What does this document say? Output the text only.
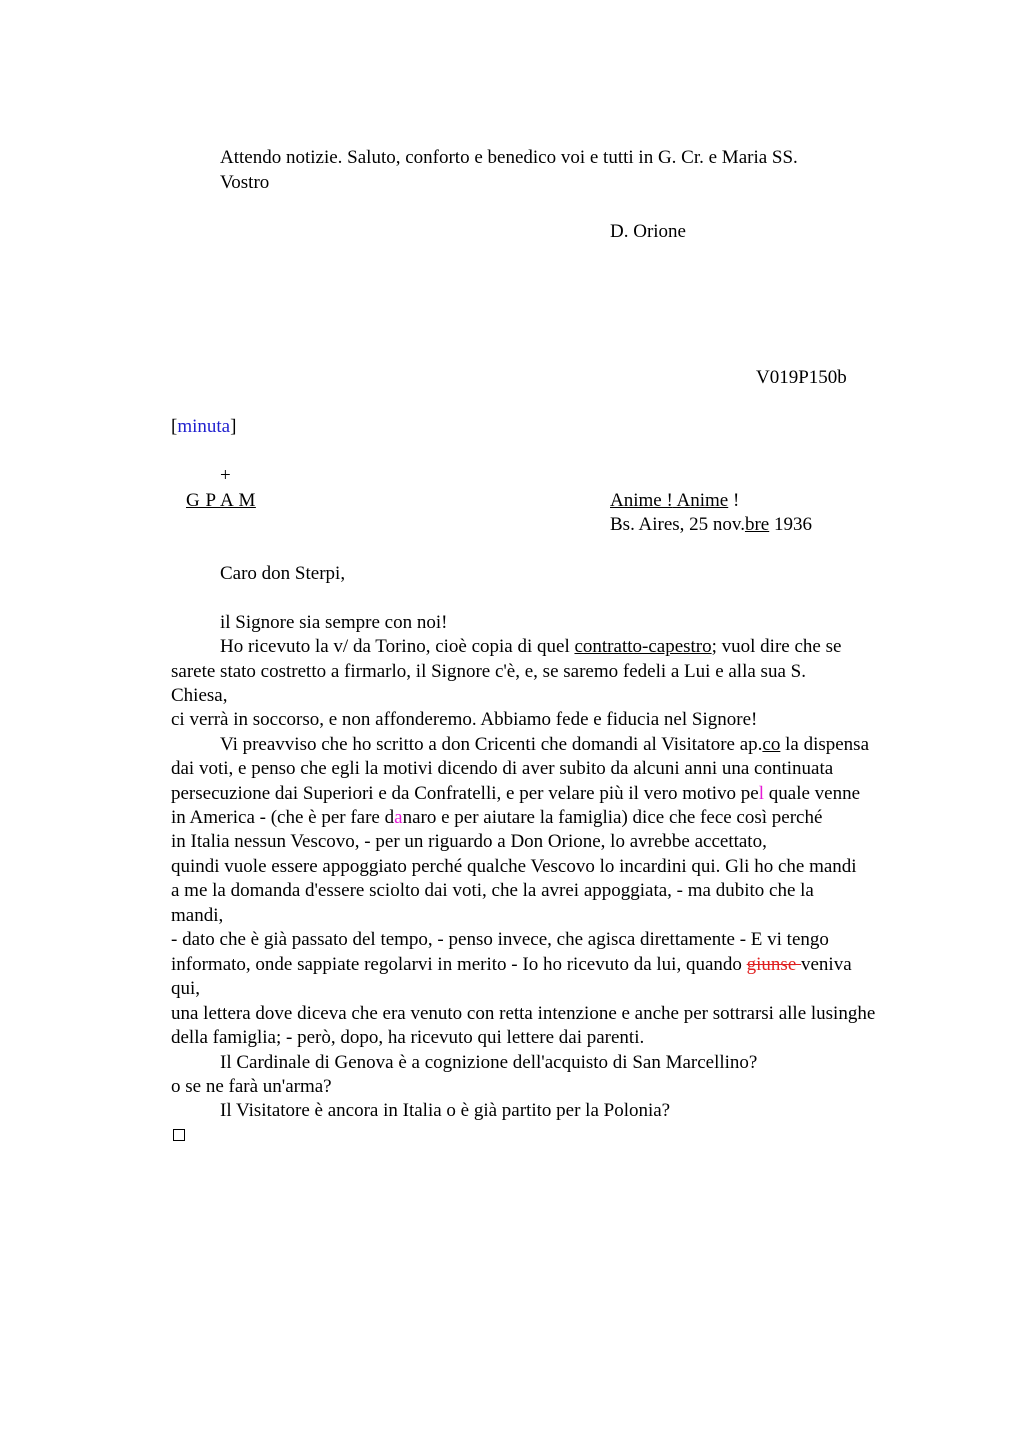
Attendo notizie. Saluto, conforto e benedico voi e tutti in G. Cr. e Maria SS.
Vostro
D. Orione
V019P150b
[minuta]
+
G P A M	Anime ! Anime !
Bs. Aires, 25 nov.bre 1936
Caro don Sterpi,
il Signore sia sempre con noi!
Ho ricevuto la v/ da Torino, cioè copia di quel contratto-capestro; vuol dire che se
sarete stato costretto a firmarlo, il Signore c'è, e, se saremo fedeli a Lui e alla sua S.
Chiesa,
ci verrà in soccorso, e non affonderemo. Abbiamo fede e fiducia nel Signore!
Vi preavviso che ho scritto a don Cricenti che domandi al Visitatore ap.co la dispensa
dai voti, e penso che egli la motivi dicendo di aver subito da alcuni anni una continuata
persecuzione dai Superiori e da Confratelli, e per velare più il vero motivo pel quale venne
in America - (che è per fare danaro e per aiutare la famiglia) dice che fece così perché
in Italia nessun Vescovo, - per un riguardo a Don Orione, lo avrebbe accettato,
quindi vuole essere appoggiato perché qualche Vescovo lo incardini qui. Gli ho che mandi
a me la domanda d'essere sciolto dai voti, che la avrei appoggiata, - ma dubito che la
mandi,
- dato che è già passato del tempo, - penso invece, che agisca direttamente - E vi tengo
informato, onde sappiate regolarvi in merito - Io ho ricevuto da lui, quando giunse veniva
qui,
una lettera dove diceva che era venuto con retta intenzione e anche per sottrarsi alle lusinghe
della famiglia; - però, dopo, ha ricevuto qui lettere dai parenti.
Il Cardinale di Genova è a cognizione dell'acquisto di San Marcellino?
o se ne farà un'arma?
Il Visitatore è ancora in Italia o è già partito per la Polonia?
